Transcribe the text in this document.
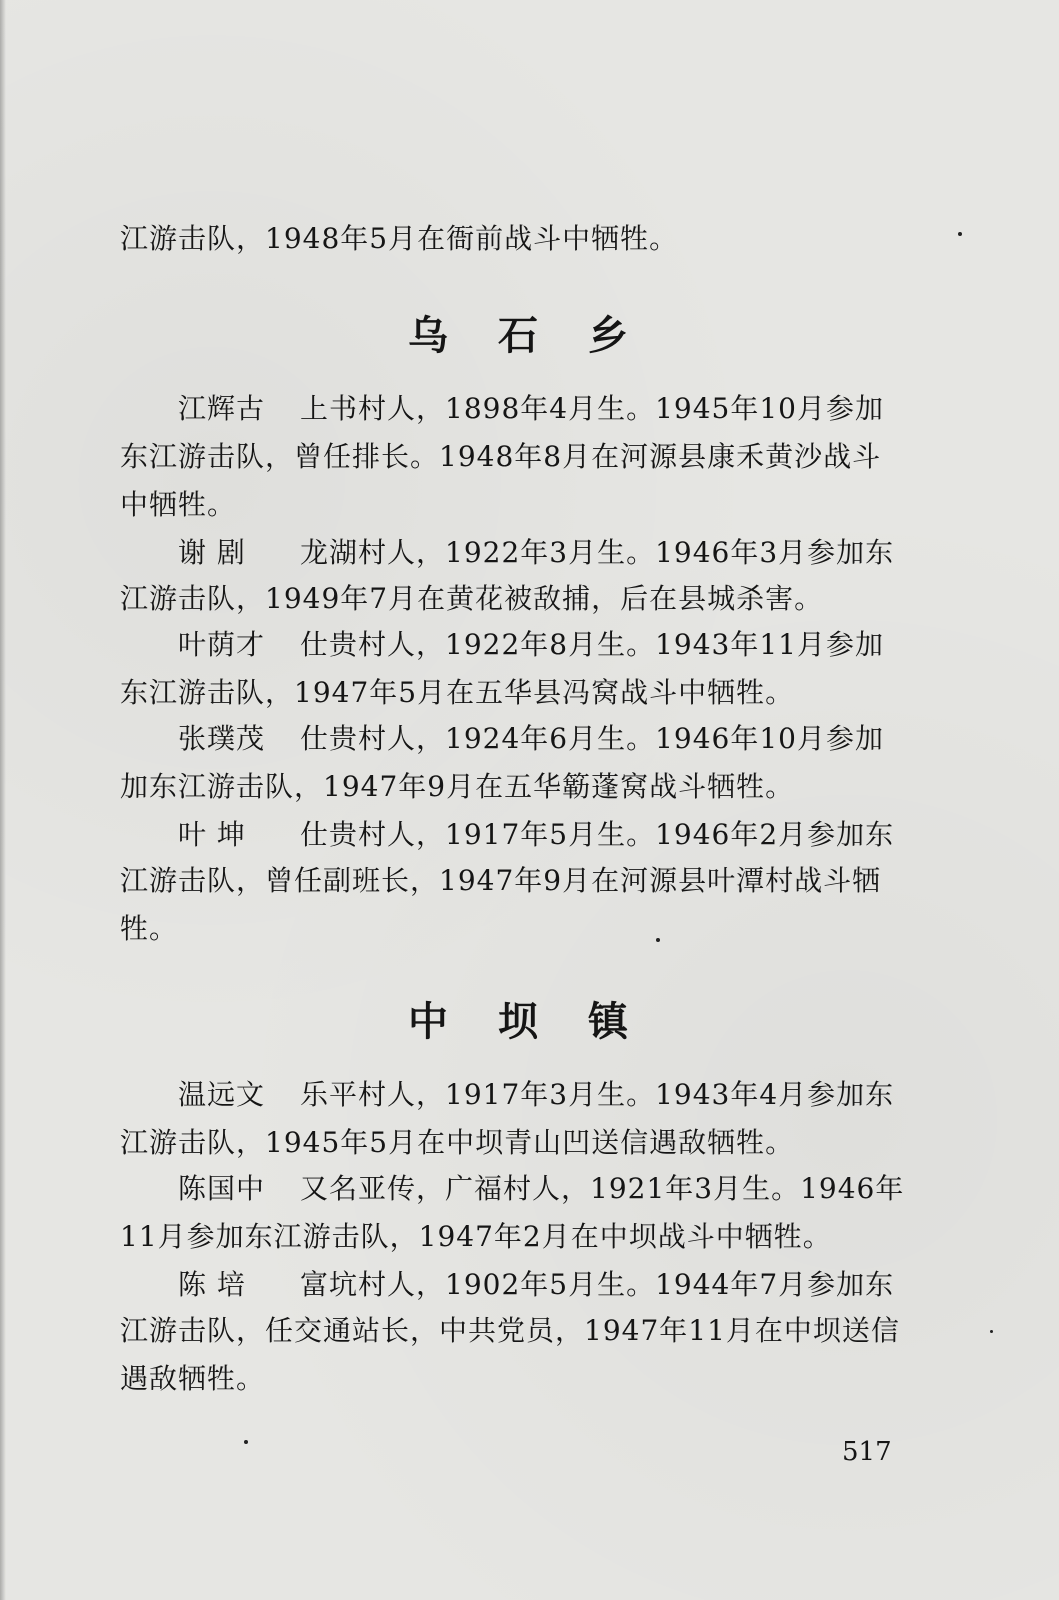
江游击队，1948年5月在衙前战斗中牺牲。
乌石乡
江辉古 上书村人，1898年4月生。1945年10月参加
东江游击队，曾任排长。1948年8月在河源县康禾黄沙战斗
中牺牲。
谢 剧 龙湖村人，1922年3月生。1946年3月参加东
江游击队，1949年7月在黄花被敌捕，后在县城杀害。
叶荫才 仕贵村人，1922年8月生。1943年11月参加
东江游击队，1947年5月在五华县冯窝战斗中牺牲。
张璞茂 仕贵村人，1924年6月生。1946年10月参加
加东江游击队，1947年9月在五华簕蓬窝战斗牺牲。
叶 坤 仕贵村人，1917年5月生。1946年2月参加东
江游击队，曾任副班长，1947年9月在河源县叶潭村战斗牺
牲。
中坝镇
温远文 乐平村人，1917年3月生。1943年4月参加东
江游击队，1945年5月在中坝青山凹送信遇敌牺牲。
陈国中 又名亚传，广福村人，1921年3月生。1946年
11月参加东江游击队，1947年2月在中坝战斗中牺牲。
陈 培 富坑村人，1902年5月生。1944年7月参加东
江游击队，任交通站长，中共党员，1947年11月在中坝送信
遇敌牺牲。
517
